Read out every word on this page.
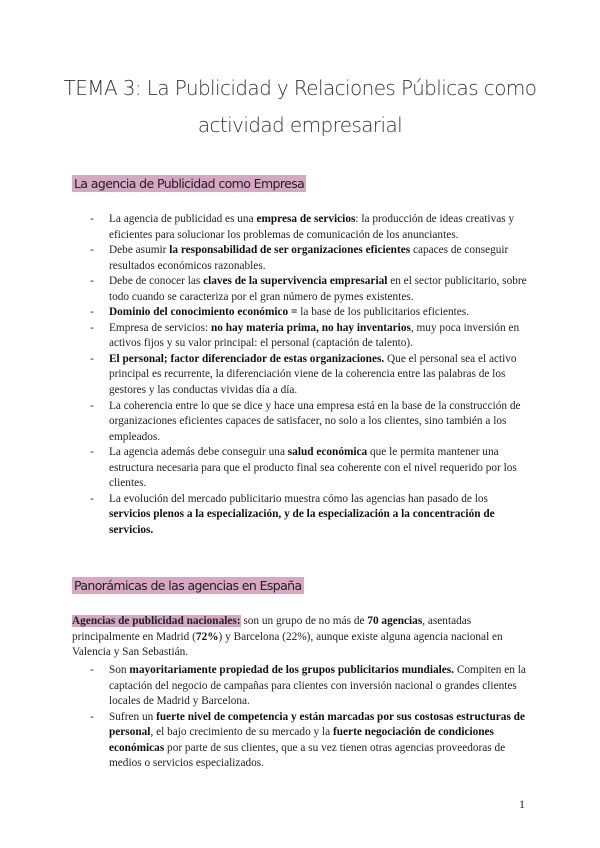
TEMA 3: La Publicidad y Relaciones Públicas como
actividad empresarial
La agencia de Publicidad como Empresa
- La agencia de publicidad es una empresa de servicios: la producción de ideas creativas y eficientes para solucionar los problemas de comunicación de los anunciantes.
- Debe asumir la responsabilidad de ser organizaciones eficientes capaces de conseguir resultados económicos razonables.
- Debe de conocer las claves de la supervivencia empresarial en el sector publicitario, sobre todo cuando se caracteriza por el gran número de pymes existentes.
- Dominio del conocimiento económico = la base de los publicitarios eficientes.
- Empresa de servicios: no hay materia prima, no hay inventarios, muy poca inversión en activos fijos y su valor principal: el personal (captación de talento).
- El personal; factor diferenciador de estas organizaciones. Que el personal sea el activo principal es recurrente, la diferenciación viene de la coherencia entre las palabras de los gestores y las conductas vividas día a día.
- La coherencia entre lo que se dice y hace una empresa está en la base de la construcción de organizaciones eficientes capaces de satisfacer, no solo a los clientes, sino también a los empleados.
- La agencia además debe conseguir una salud económica que le permita mantener una estructura necesaria para que el producto final sea coherente con el nivel requerido por los clientes.
- La evolución del mercado publicitario muestra cómo las agencias han pasado de los servicios plenos a la especialización, y de la especialización a la concentración de servicios.
Panorámicas de las agencias en España

Agencias de publicidad nacionales: son un grupo de no más de 70 agencias, asentadas principalmente en Madrid (72%) y Barcelona (22%), aunque existe alguna agencia nacional en Valencia y San Sebastián.

- Son mayoritariamente propiedad de los grupos publicitarios mundiales. Compiten en la captación del negocio de campañas para clientes con inversión nacional o grandes clientes locales de Madrid y Barcelona.
- Sufren un fuerte nivel de competencia y están marcadas por sus costosas estructuras de personal, el bajo crecimiento de su mercado y la fuerte negociación de condiciones económicas por parte de sus clientes, que a su vez tienen otras agencias proveedoras de medios o servicios especializados.
1
